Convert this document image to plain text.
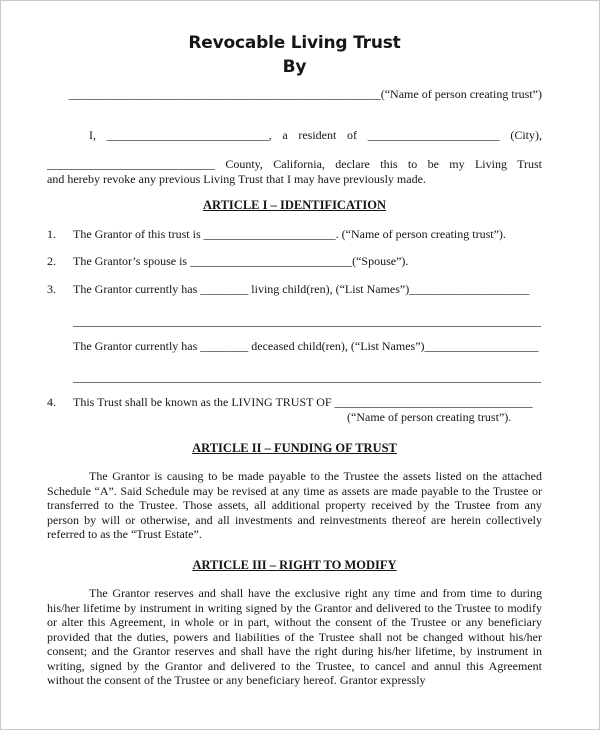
Revocable Living Trust
By
____________________________________________________(“Name of person creating trust”)
I, ___________________________, a resident of ______________________ (City),
____________________________ County, California, declare this to be my Living Trust
and hereby revoke any previous Living Trust that I may have previously made.
ARTICLE I – IDENTIFICATION
1.	The Grantor of this trust is ______________________. (“Name of person creating trust”).
2.	The Grantor’s spouse is ___________________________(“Spouse”).
3.	The Grantor currently has ________ living child(ren), (“List Names”)____________________
______________________________________________________________________________
The Grantor currently has ________ deceased child(ren), (“List Names”)___________________
______________________________________________________________________________
4.	This Trust shall be known as the LIVING TRUST OF _________________________________
(“Name of person creating trust”).
ARTICLE II – FUNDING OF TRUST
The Grantor is causing to be made payable to the Trustee the assets listed on the attached Schedule “A”. Said Schedule may be revised at any time as assets are made payable to the Trustee or transferred to the Trustee. Those assets, all additional property received by the Trustee from any person by will or otherwise, and all investments and reinvestments thereof are herein collectively referred to as the “Trust Estate”.
ARTICLE III – RIGHT TO MODIFY
The Grantor reserves and shall have the exclusive right any time and from time to during his/her lifetime by instrument in writing signed by the Grantor and delivered to the Trustee to modify or alter this Agreement, in whole or in part, without the consent of the Trustee or any beneficiary provided that the duties, powers and liabilities of the Trustee shall not be changed without his/her consent; and the Grantor reserves and shall have the right during his/her lifetime, by instrument in writing, signed by the Grantor and delivered to the Trustee, to cancel and annul this Agreement without the consent of the Trustee or any beneficiary hereof. Grantor expressly
